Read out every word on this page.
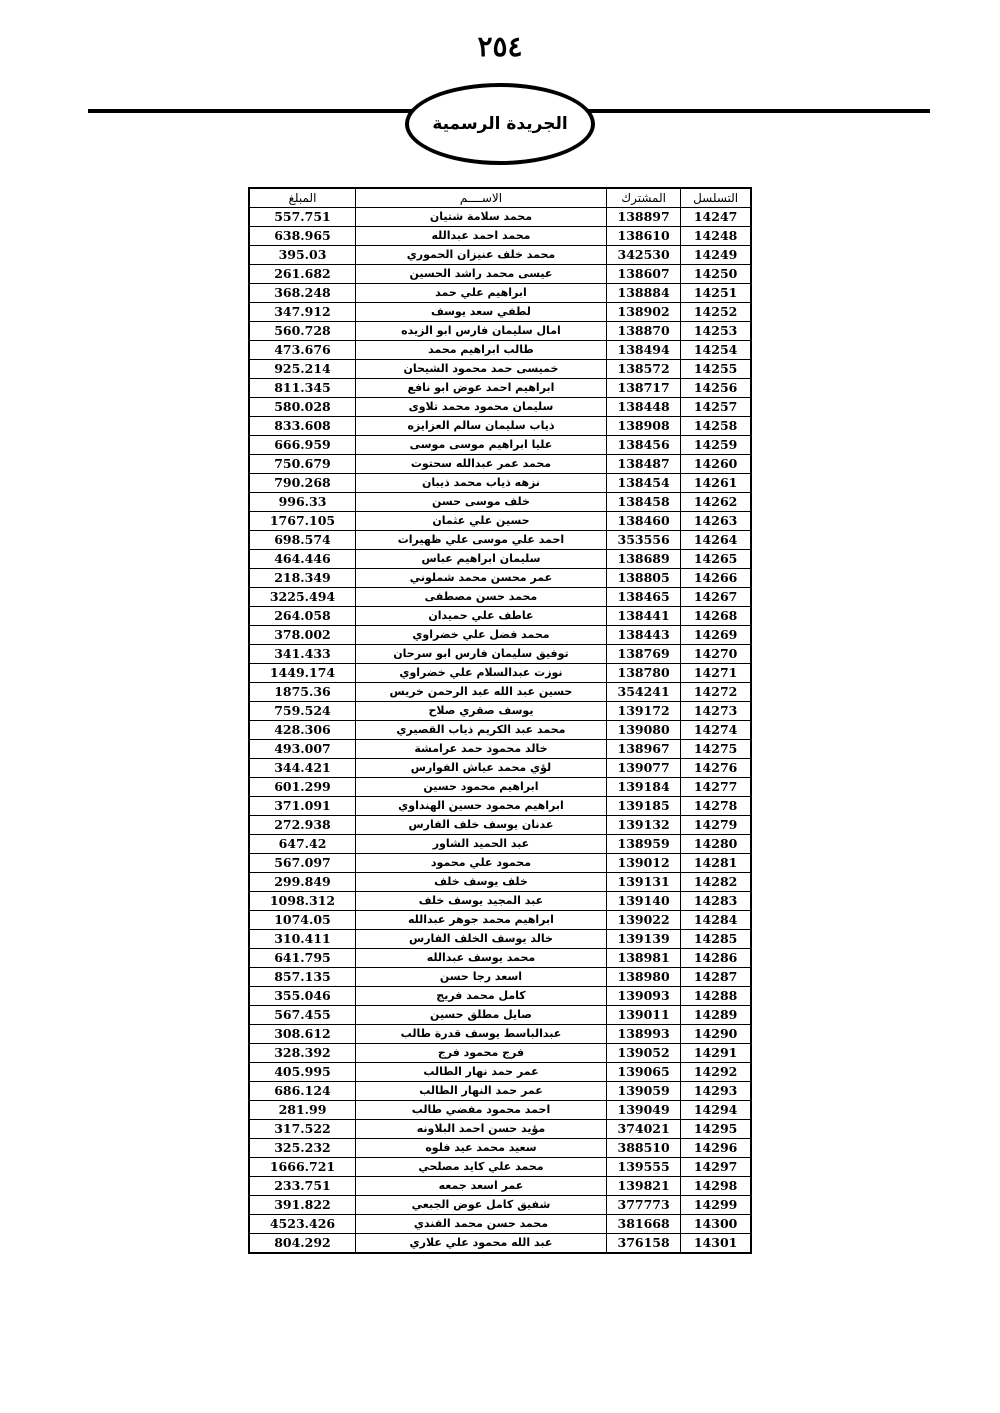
٢٥٤
الجريدة الرسمية
التسلسل	المشترك	الاســــم	المبلغ
14247	138897	محمد سلامة شتيان	557.751
14248	138610	محمد احمد عبدالله	638.965
14249	342530	محمد خلف عنيزان الحموري	395.03
14250	138607	عيسى محمد راشد الحسين	261.682
14251	138884	ابراهيم علي حمد	368.248
14252	138902	لطفي سعد يوسف	347.912
14253	138870	امال سليمان فارس ابو الزيده	560.728
14254	138494	طالب ابراهيم محمد	473.676
14255	138572	خميسى حمد محمود الشيحان	925.214
14256	138717	ابراهيم احمد عوض ابو نافع	811.345
14257	138448	سليمان محمود محمد تلاوى	580.028
14258	138908	ذياب سليمان سالم العزايزه	833.608
14259	138456	عليا ابراهيم موسى موسى	666.959
14260	138487	محمد عمر عبدالله سحتوت	750.679
14261	138454	نزهه ذياب محمد ذيبان	790.268
14262	138458	خلف موسى حسن	996.33
14263	138460	حسين علي عثمان	1767.105
14264	353556	احمد علي موسى علي ظهيرات	698.574
14265	138689	سليمان ابراهيم عباس	464.446
14266	138805	عمر محسن محمد شملوني	218.349
14267	138465	محمد حسن مصطفى	3225.494
14268	138441	عاطف علي حميدان	264.058
14269	138443	محمد فضل علي خضراوي	378.002
14270	138769	توفيق سليمان فارس ابو سرحان	341.433
14271	138780	نوزت عبدالسلام علي خضراوي	1449.174
14272	354241	حسين عبد الله عبد الرحمن خريس	1875.36
14273	139172	يوسف صقري صلاح	759.524
14274	139080	محمد عبد الكريم ذياب القصيري	428.306
14275	138967	خالد محمود حمد عرامشة	493.007
14276	139077	لؤي محمد عياش الفوارس	344.421
14277	139184	ابراهيم محمود حسين	601.299
14278	139185	ابراهيم محمود حسين الهنداوي	371.091
14279	139132	عدنان يوسف خلف الفارس	272.938
14280	138959	عبد الحميد الشاور	647.42
14281	139012	محمود علي محمود	567.097
14282	139131	خلف يوسف خلف	299.849
14283	139140	عبد المجيد يوسف خلف	1098.312
14284	139022	ابراهيم محمد جوهر عبدالله	1074.05
14285	139139	خالد يوسف الخلف الفارس	310.411
14286	138981	محمد يوسف عبدالله	641.795
14287	138980	اسعد رجا حسن	857.135
14288	139093	كامل محمد فريج	355.046
14289	139011	صايل مطلق حسين	567.455
14290	138993	عبدالباسط يوسف قدرة طالب	308.612
14291	139052	فرج محمود فرج	328.392
14292	139065	عمر حمد نهار الطالب	405.995
14293	139059	عمر حمد النهار الطالب	686.124
14294	139049	احمد محمود مفضي طالب	281.99
14295	374021	مؤيد حسن احمد البلاونه	317.522
14296	388510	سعيد محمد عيد فلوه	325.232
14297	139555	محمد علي كايد مصلحي	1666.721
14298	139821	عمر اسعد جمعه	233.751
14299	377773	شفيق كامل عوض الجبعي	391.822
14300	381668	محمد حسن محمد الفندي	4523.426
14301	376158	عبد الله محمود علي علاري	804.292
